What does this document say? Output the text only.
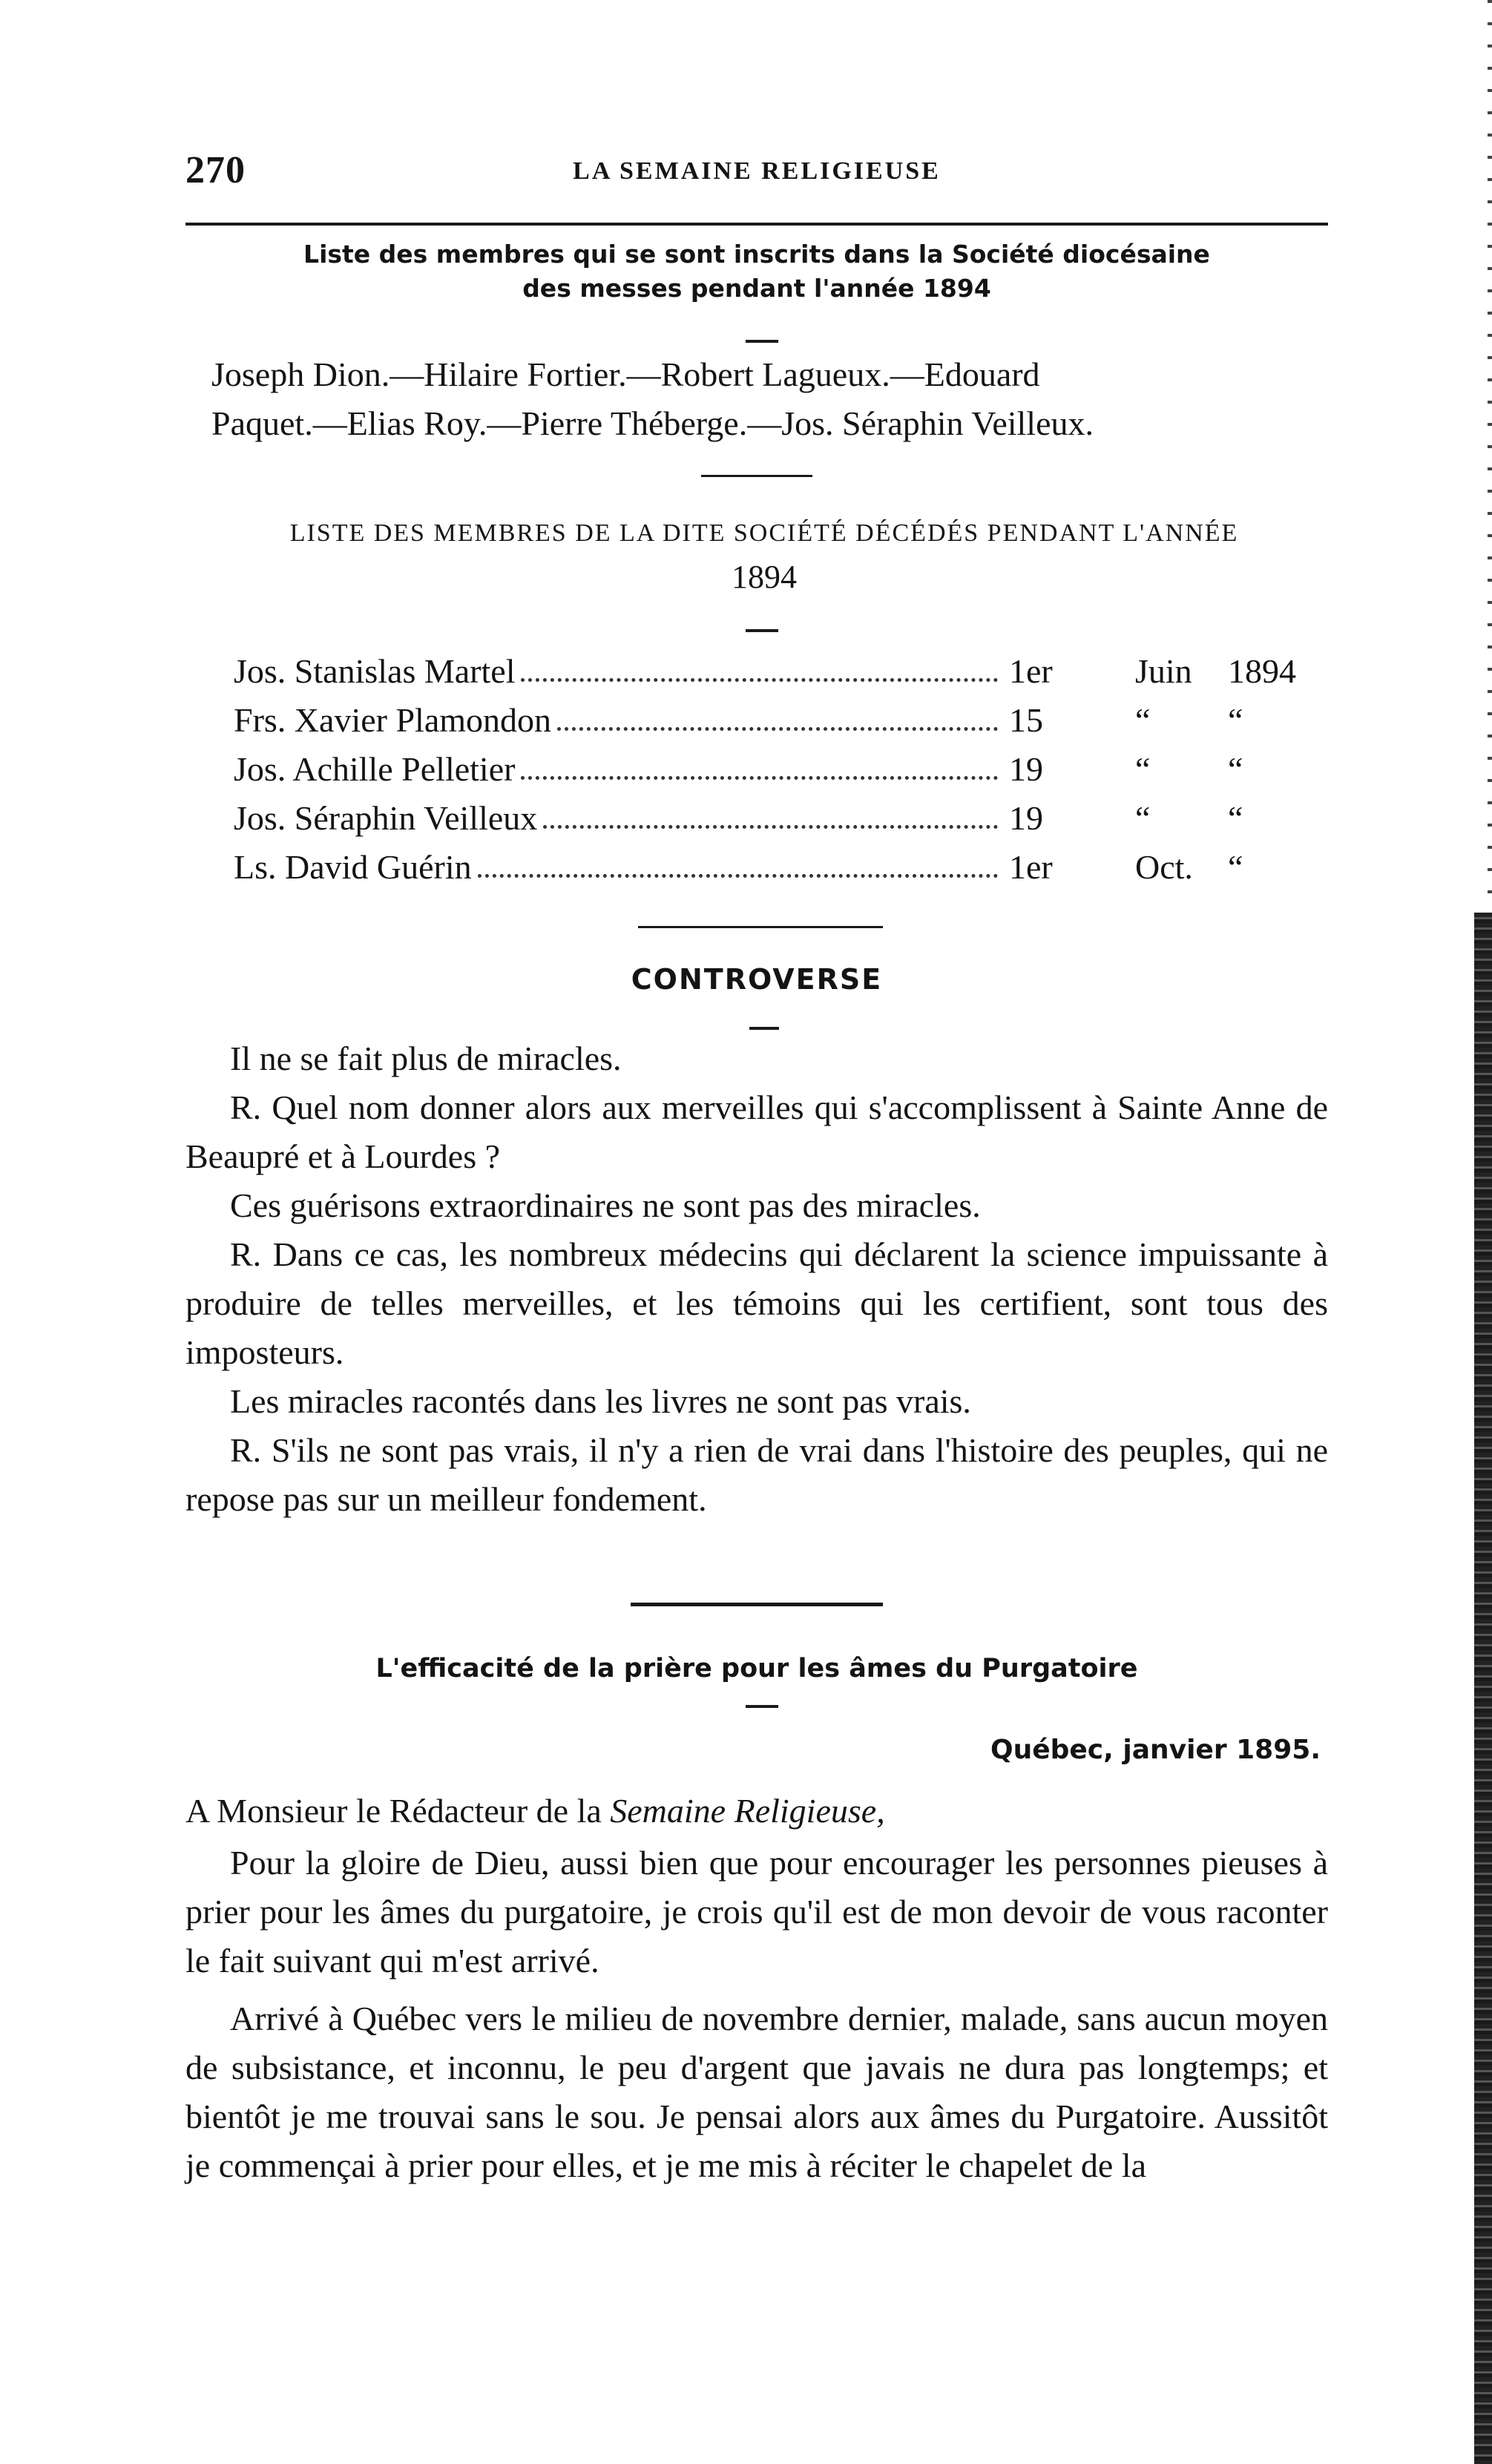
270	LA SEMAINE RELIGIEUSE
Liste des membres qui se sont inscrits dans la Société diocésaine
des messes pendant l'année 1894
Joseph Dion.—Hilaire Fortier.—Robert Lagueux.—Edouard
Paquet.—Elias Roy.—Pierre Théberge.—Jos. Séraphin Veilleux.
LISTE DES MEMBRES DE LA DITE SOCIÉTÉ DÉCÉDÉS PENDANT L'ANNÉE
1894
Jos. Stanislas Martel	1er Juin 1894
Frs. Xavier Plamondon	15	“ “
Jos. Achille Pelletier	19	“ “
Jos. Séraphin Veilleux	19	“ “
Ls. David Guérin	1er Oct. “
CONTROVERSE

Il ne se fait plus de miracles.

R. Quel nom donner alors aux merveilles qui s'accomplissent à Sainte Anne de Beaupré et à Lourdes ?

Ces guérisons extraordinaires ne sont pas des miracles.

R. Dans ce cas, les nombreux médecins qui déclarent la science impuissante à produire de telles merveilles, et les témoins qui les certifient, sont tous des imposteurs.

Les miracles racontés dans les livres ne sont pas vrais.

R. S'ils ne sont pas vrais, il n'y a rien de vrai dans l'histoire des peuples, qui ne repose pas sur un meilleur fondement.

L'efficacité de la prière pour les âmes du Purgatoire
Québec, janvier 1895.
A Monsieur le Rédacteur de la Semaine Religieuse,

Pour la gloire de Dieu, aussi bien que pour encourager les personnes pieuses à prier pour les âmes du purgatoire, je crois qu'il est de mon devoir de vous raconter le fait suivant qui m'est arrivé.

Arrivé à Québec vers le milieu de novembre dernier, malade, sans aucun moyen de subsistance, et inconnu, le peu d'argent que javais ne dura pas longtemps; et bientôt je me trouvai sans le sou. Je pensai alors aux âmes du Purgatoire. Aussitôt je commençai à prier pour elles, et je me mis à réciter le chapelet de la
